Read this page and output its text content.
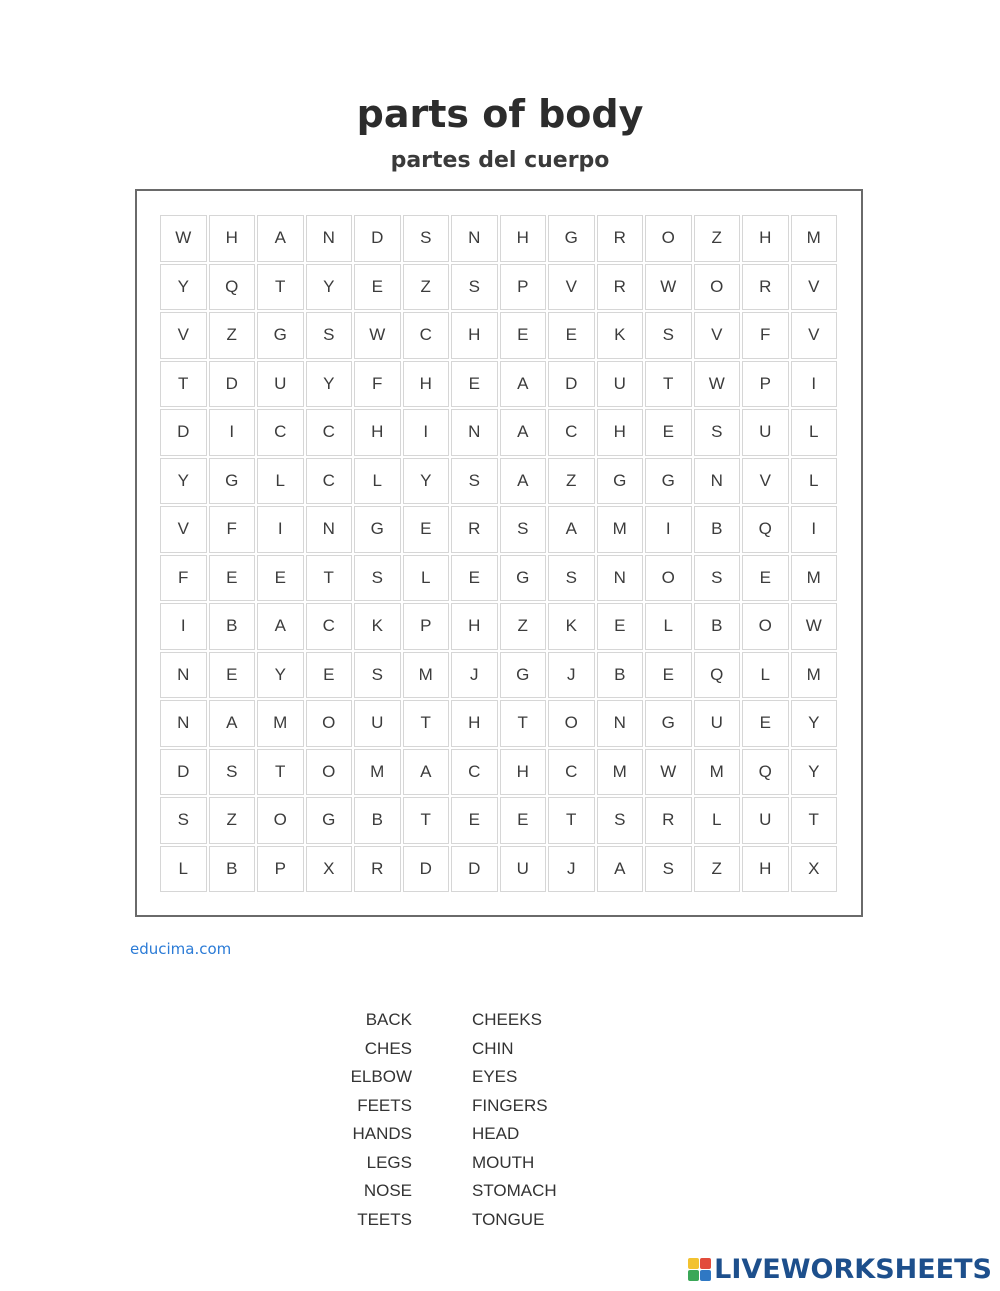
parts of body
partes del cuerpo
W	H	A	N	D	S	N	H	G	R	O	Z	H	M
Y	Q	T	Y	E	Z	S	P	V	R	W	O	R	V
V	Z	G	S	W	C	H	E	E	K	S	V	F	V
T	D	U	Y	F	H	E	A	D	U	T	W	P	I
D	I	C	C	H	I	N	A	C	H	E	S	U	L
Y	G	L	C	L	Y	S	A	Z	G	G	N	V	L
V	F	I	N	G	E	R	S	A	M	I	B	Q	I
F	E	E	T	S	L	E	G	S	N	O	S	E	M
I	B	A	C	K	P	H	Z	K	E	L	B	O	W
N	E	Y	E	S	M	J	G	J	B	E	Q	L	M
N	A	M	O	U	T	H	T	O	N	G	U	E	Y
D	S	T	O	M	A	C	H	C	M	W	M	Q	Y
S	Z	O	G	B	T	E	E	T	S	R	L	U	T
L	B	P	X	R	D	D	U	J	A	S	Z	H	X
educima.com
BACK
CHES
ELBOW
FEETS
HANDS
LEGS
NOSE
TEETS
CHEEKS
CHIN
EYES
FINGERS
HEAD
MOUTH
STOMACH
TONGUE
LIVEWORKSHEETS
